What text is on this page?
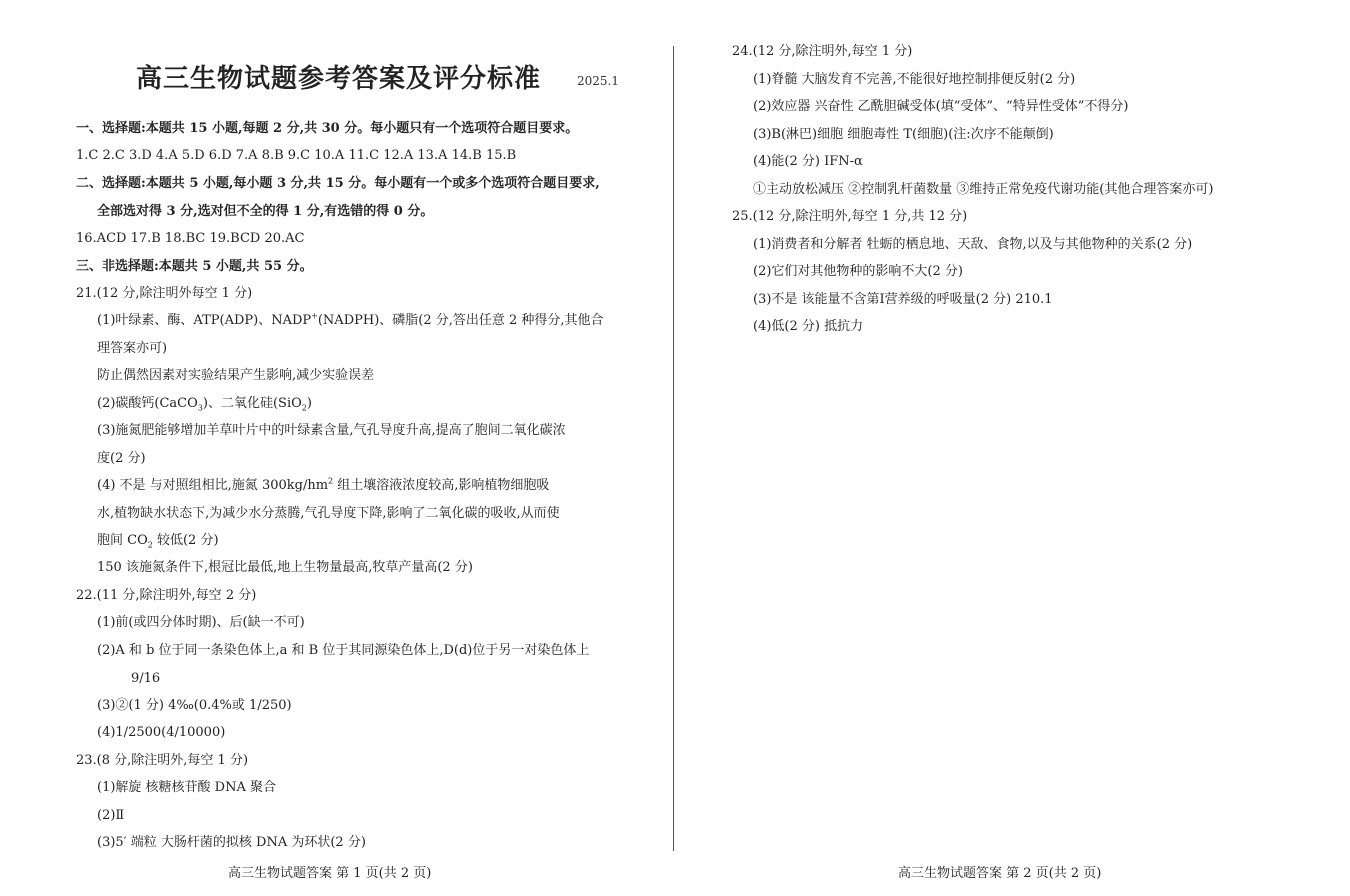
高三生物试题参考答案及评分标准	2025.1
一、选择题:本题共 15 小题,每题 2 分,共 30 分。每小题只有一个选项符合题目要求。
1.C 2.C 3.D 4.A 5.D 6.D 7.A 8.B 9.C 10.A 11.C 12.A 13.A 14.B 15.B
二、选择题:本题共 5 小题,每小题 3 分,共 15 分。每小题有一个或多个选项符合题目要求,
全部选对得 3 分,选对但不全的得 1 分,有选错的得 0 分。
16.ACD 17.B 18.BC 19.BCD 20.AC
三、非选择题:本题共 5 小题,共 55 分。
21.(12 分,除注明外每空 1 分)
(1)叶绿素、酶、ATP(ADP)、NADP+(NADPH)、磷脂(2 分,答出任意 2 种得分,其他合
理答案亦可)
防止偶然因素对实验结果产生影响,减少实验误差
(2)碳酸钙(CaCO$_3$)、二氧化硅(SiO$_2$)
(3)施氮肥能够增加羊草叶片中的叶绿素含量,气孔导度升高,提高了胞间二氧化碳浓
度(2 分)
(4) 不是 与对照组相比,施氮 $300kg/hm^2$ 组土壤溶液浓度较高,影响植物细胞吸
水,植物缺水状态下,为减少水分蒸腾,气孔导度下降,影响了二氧化碳的吸收,从而使
胞间 $CO_2$ 较低(2 分)
150 该施氮条件下,根冠比最低,地上生物量最高,牧草产量高(2 分)
22.(11 分,除注明外,每空 2 分)
(1)前(或四分体时期)、后(缺一不可)
(2)A 和 b 位于同一条染色体上,a 和 B 位于其同源染色体上,D(d)位于另一对染色体上
9/16
(3)②(1 分) 4‰(0.4%或 1/250)
(4)1/2500(4/10000)
23.(8 分,除注明外,每空 1 分)
(1)解旋 核糖核苷酸 DNA 聚合
(2)Ⅱ
(3)5′ 端粒 大肠杆菌的拟核 DNA 为环状(2 分)
高三生物试题答案 第 1 页(共 2 页)
24.(12 分,除注明外,每空 1 分)
(1)脊髓 大脑发育不完善,不能很好地控制排便反射(2 分)
(2)效应器 兴奋性 乙酰胆碱受体(填“受体”、“特异性受体”不得分)
(3)B(淋巴)细胞 细胞毒性 T(细胞)(注:次序不能颠倒)
(4)能(2 分) IFN-α
①主动放松减压 ②控制乳杆菌数量 ③维持正常免疫代谢功能(其他合理答案亦可)
25.(12 分,除注明外,每空 1 分,共 12 分)
(1)消费者和分解者 牡蛎的栖息地、天敌、食物,以及与其他物种的关系(2 分)
(2)它们对其他物种的影响不大(2 分)
(3)不是 该能量不含第Ⅰ营养级的呼吸量(2 分) 210.1
(4)低(2 分) 抵抗力
高三生物试题答案 第 2 页(共 2 页)
